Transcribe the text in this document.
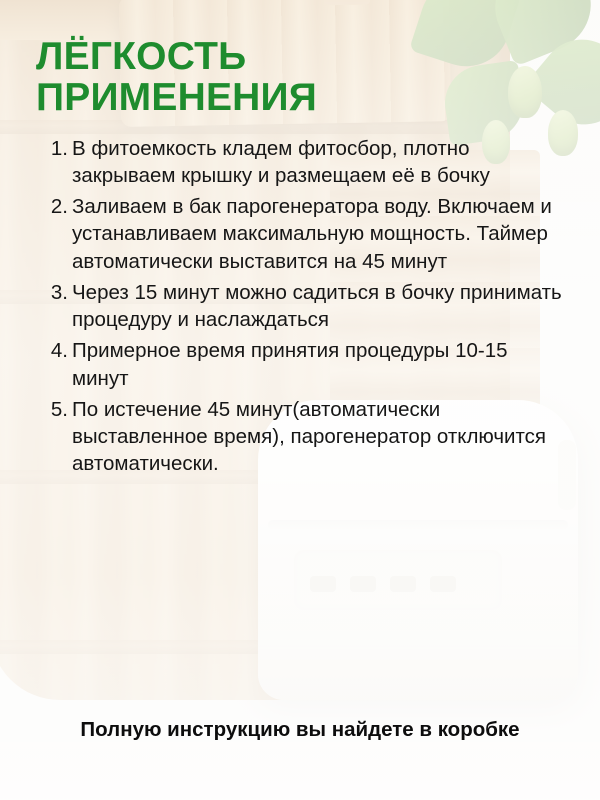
ЛЁГКОСТЬ
ПРИМЕНЕНИЯ
В фитоемкость кладем фитосбор, плотно закрываем крышку и размещаем её в бочку
Заливаем в бак парогенератора воду. Включаем и устанавливаем максимальную мощность. Таймер автоматически выставится на 45 минут
Через 15 минут можно садиться в бочку принимать процедуру и наслаждаться
Примерное время принятия процедуры 10-15 минут
По истечение 45 минут(автоматически выставленное время), парогенератор отключится автоматически.
Полную инструкцию вы найдете в коробке
